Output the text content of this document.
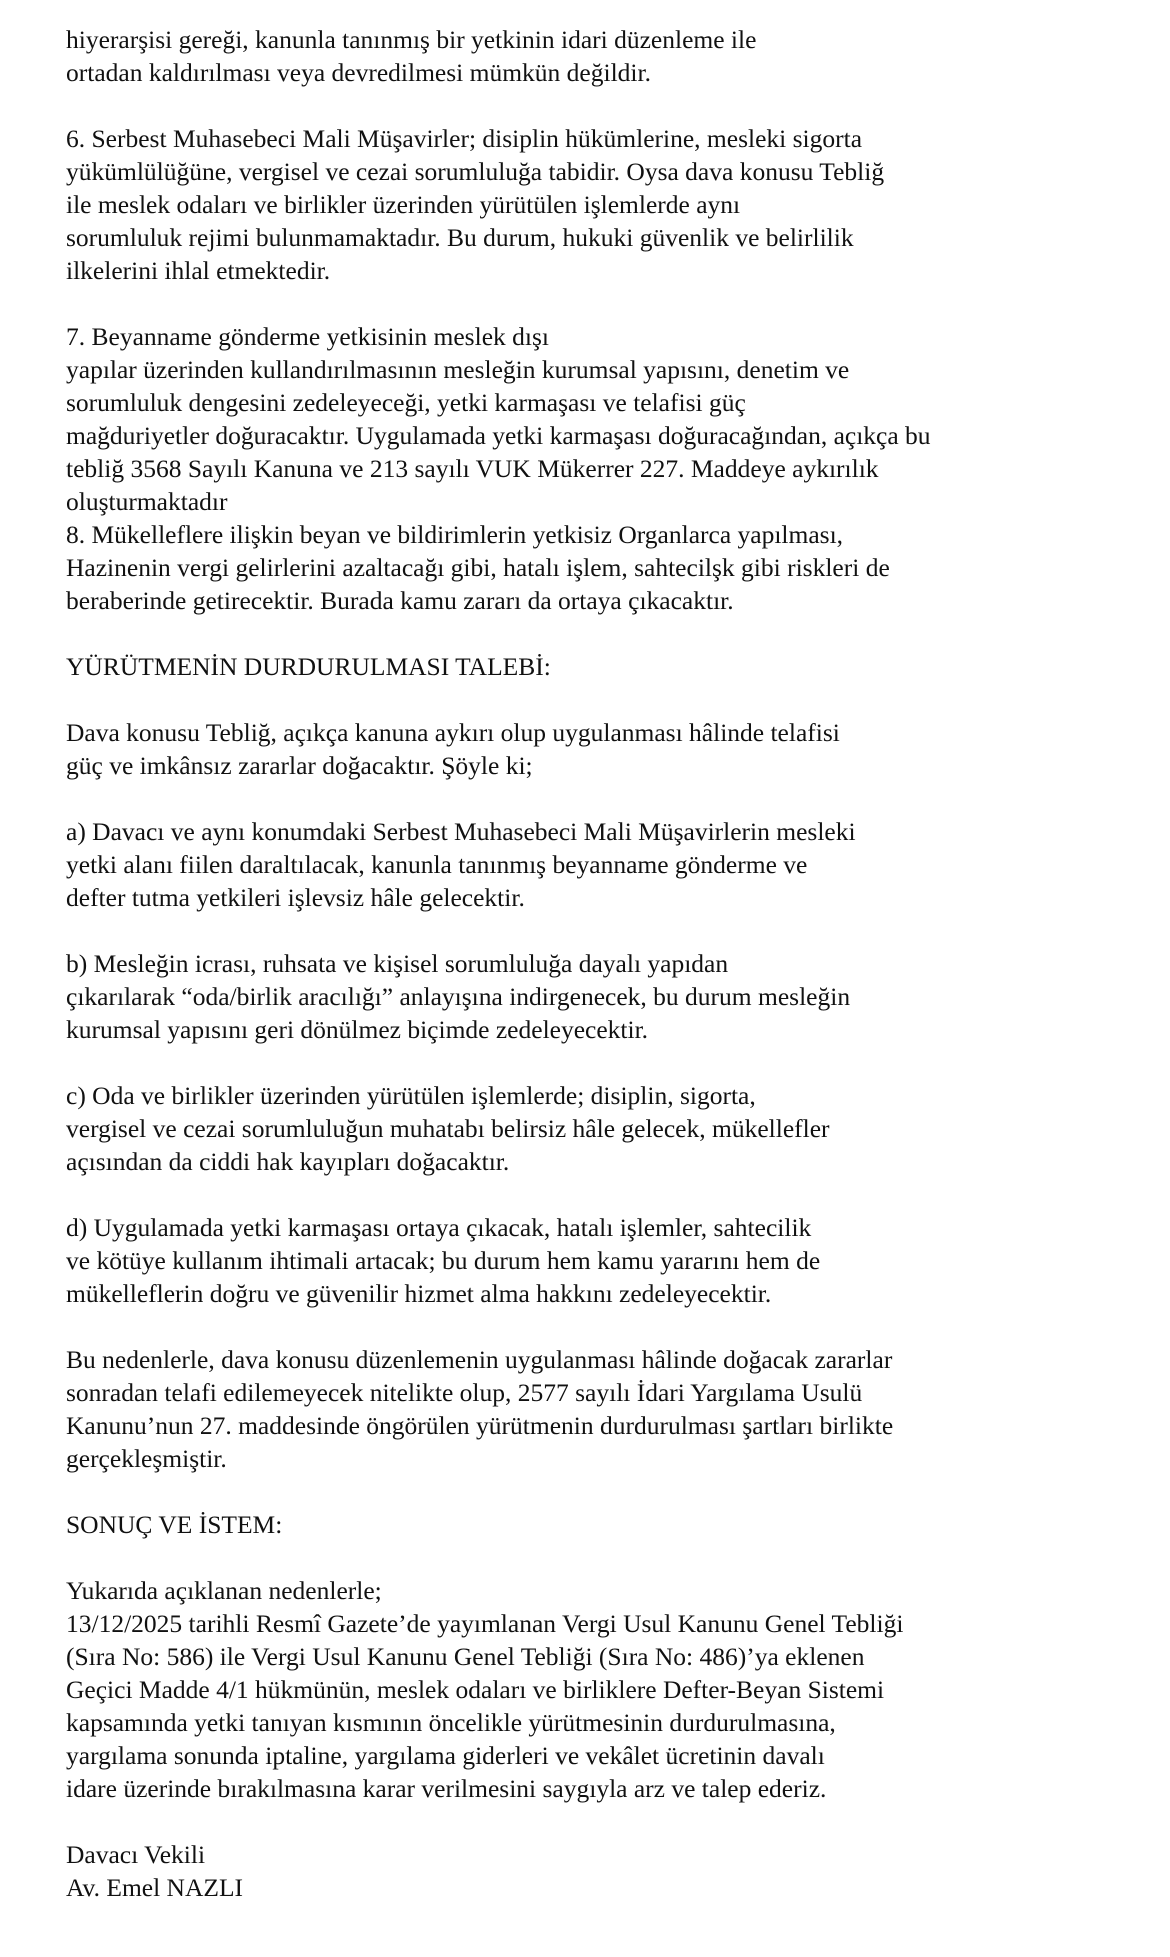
hiyerarşisi gereği, kanunla tanınmış bir yetkinin idari düzenleme ile
ortadan kaldırılması veya devredilmesi mümkün değildir.
6. Serbest Muhasebeci Mali Müşavirler; disiplin hükümlerine, mesleki sigorta
yükümlülüğüne, vergisel ve cezai sorumluluğa tabidir. Oysa dava konusu Tebliğ
ile meslek odaları ve birlikler üzerinden yürütülen işlemlerde aynı
sorumluluk rejimi bulunmamaktadır. Bu durum, hukuki güvenlik ve belirlilik
ilkelerini ihlal etmektedir.
7. Beyanname gönderme yetkisinin meslek dışı
yapılar üzerinden kullandırılmasının mesleğin kurumsal yapısını, denetim ve
sorumluluk dengesini zedeleyeceği, yetki karmaşası ve telafisi güç
mağduriyetler doğuracaktır. Uygulamada yetki karmaşası doğuracağından, açıkça bu
tebliğ 3568 Sayılı Kanuna ve 213 sayılı VUK Mükerrer 227. Maddeye aykırılık
oluşturmaktadır
8. Mükelleflere ilişkin beyan ve bildirimlerin yetkisiz Organlarca yapılması,
Hazinenin vergi gelirlerini azaltacağı gibi, hatalı işlem, sahtecilşk gibi riskleri de
beraberinde getirecektir. Burada kamu zararı da ortaya çıkacaktır.
YÜRÜTMENİN DURDURULMASI TALEBİ:
Dava konusu Tebliğ, açıkça kanuna aykırı olup uygulanması hâlinde telafisi
güç ve imkânsız zararlar doğacaktır. Şöyle ki;
a) Davacı ve aynı konumdaki Serbest Muhasebeci Mali Müşavirlerin mesleki
yetki alanı fiilen daraltılacak, kanunla tanınmış beyanname gönderme ve
defter tutma yetkileri işlevsiz hâle gelecektir.
b) Mesleğin icrası, ruhsata ve kişisel sorumluluğa dayalı yapıdan
çıkarılarak “oda/birlik aracılığı” anlayışına indirgenecek, bu durum mesleğin
kurumsal yapısını geri dönülmez biçimde zedeleyecektir.
c) Oda ve birlikler üzerinden yürütülen işlemlerde; disiplin, sigorta,
vergisel ve cezai sorumluluğun muhatabı belirsiz hâle gelecek, mükellefler
açısından da ciddi hak kayıpları doğacaktır.
d) Uygulamada yetki karmaşası ortaya çıkacak, hatalı işlemler, sahtecilik
ve kötüye kullanım ihtimali artacak; bu durum hem kamu yararını hem de
mükelleflerin doğru ve güvenilir hizmet alma hakkını zedeleyecektir.
Bu nedenlerle, dava konusu düzenlemenin uygulanması hâlinde doğacak zararlar
sonradan telafi edilemeyecek nitelikte olup, 2577 sayılı İdari Yargılama Usulü
Kanunu’nun 27. maddesinde öngörülen yürütmenin durdurulması şartları birlikte
gerçekleşmiştir.
SONUÇ VE İSTEM:
Yukarıda açıklanan nedenlerle;
13/12/2025 tarihli Resmî Gazete’de yayımlanan Vergi Usul Kanunu Genel Tebliği
(Sıra No: 586) ile Vergi Usul Kanunu Genel Tebliği (Sıra No: 486)’ya eklenen
Geçici Madde 4/1 hükmünün, meslek odaları ve birliklere Defter-Beyan Sistemi
kapsamında yetki tanıyan kısmının öncelikle yürütmesinin durdurulmasına,
yargılama sonunda iptaline, yargılama giderleri ve vekâlet ücretinin davalı
idare üzerinde bırakılmasına karar verilmesini saygıyla arz ve talep ederiz.
Davacı Vekili
Av. Emel NAZLI
